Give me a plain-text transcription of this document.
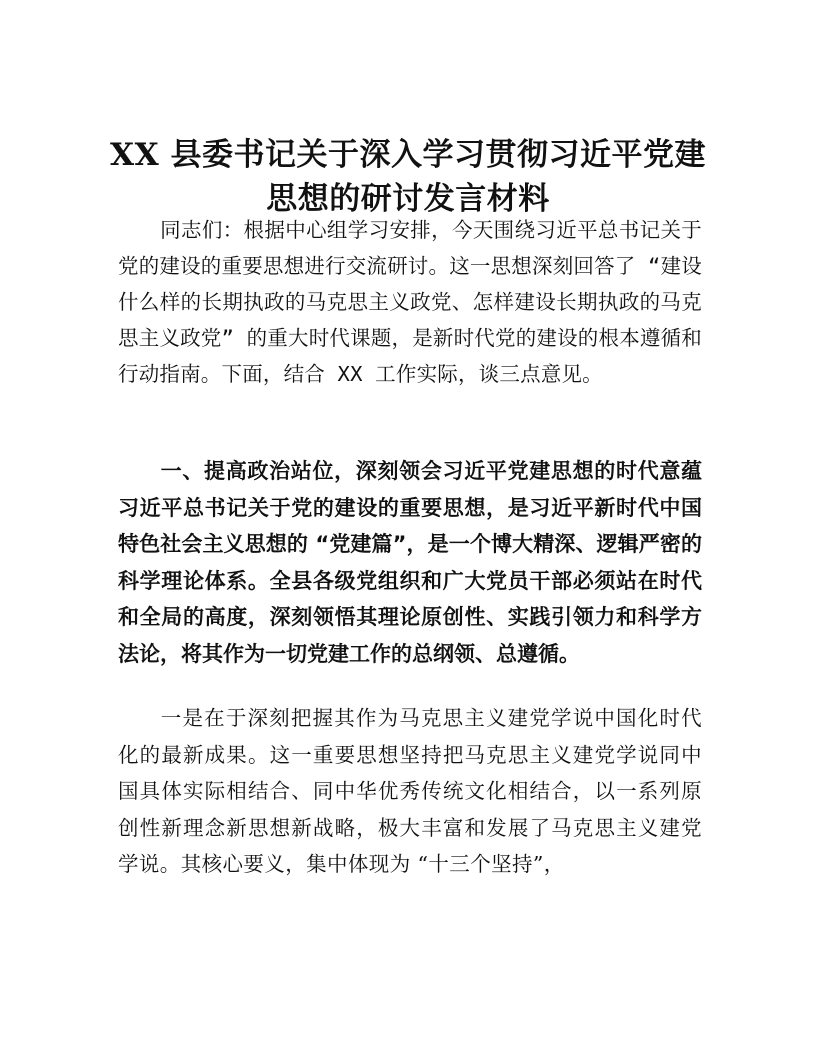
XX 县委书记关于深入学习贯彻习近平党建
思想的研讨发言材料

同志们：根据中心组学习安排，今天围绕习近平总书记关于党的建设的重要思想进行交流研讨。这一思想深刻回答了 “建设什么样的长期执政的马克思主义政党、怎样建设长期执政的马克思主义政党” 的重大时代课题，是新时代党的建设的根本遵循和行动指南。下面，结合 XX 工作实际，谈三点意见。

一、提高政治站位，深刻领会习近平党建思想的时代意蕴习近平总书记关于党的建设的重要思想，是习近平新时代中国特色社会主义思想的 “党建篇”，是一个博大精深、逻辑严密的科学理论体系。全县各级党组织和广大党员干部必须站在时代和全局的高度，深刻领悟其理论原创性、实践引领力和科学方法论，将其作为一切党建工作的总纲领、总遵循。

一是在于深刻把握其作为马克思主义建党学说中国化时代化的最新成果。这一重要思想坚持把马克思主义建党学说同中国具体实际相结合、同中华优秀传统文化相结合，以一系列原创性新理念新思想新战略，极大丰富和发展了马克思主义建党学说。其核心要义，集中体现为 “十三个坚持”，
